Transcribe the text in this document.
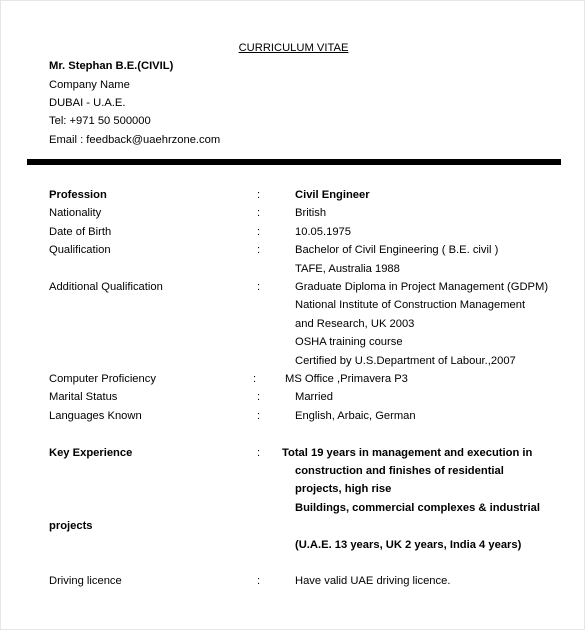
CURRICULUM VITAE
Mr. Stephan B.E.(CIVIL)
Company Name
DUBAI - U.A.E.
Tel: +971 50 500000
Email : feedback@uaehrzone.com
Profession	:	Civil Engineer
Nationality	:	British
Date of Birth	:	10.05.1975
Qualification	:	Bachelor of Civil Engineering ( B.E. civil )
TAFE, Australia 1988
Additional Qualification	:	Graduate Diploma in Project Management (GDPM)
National Institute of Construction Management
and Research, UK 2003
OSHA training course
Certified by U.S.Department of Labour.,2007
Computer Proficiency	:	MS Office ,Primavera P3
Marital Status	:	Married
Languages Known	:	English, Arbaic, German
Key Experience	: Total 19 years in management and execution in
construction and finishes of residential
projects, high rise
Buildings, commercial complexes & industrial
projects
(U.A.E. 13 years, UK 2 years, India 4 years)
Driving licence	:	Have valid UAE driving licence.
